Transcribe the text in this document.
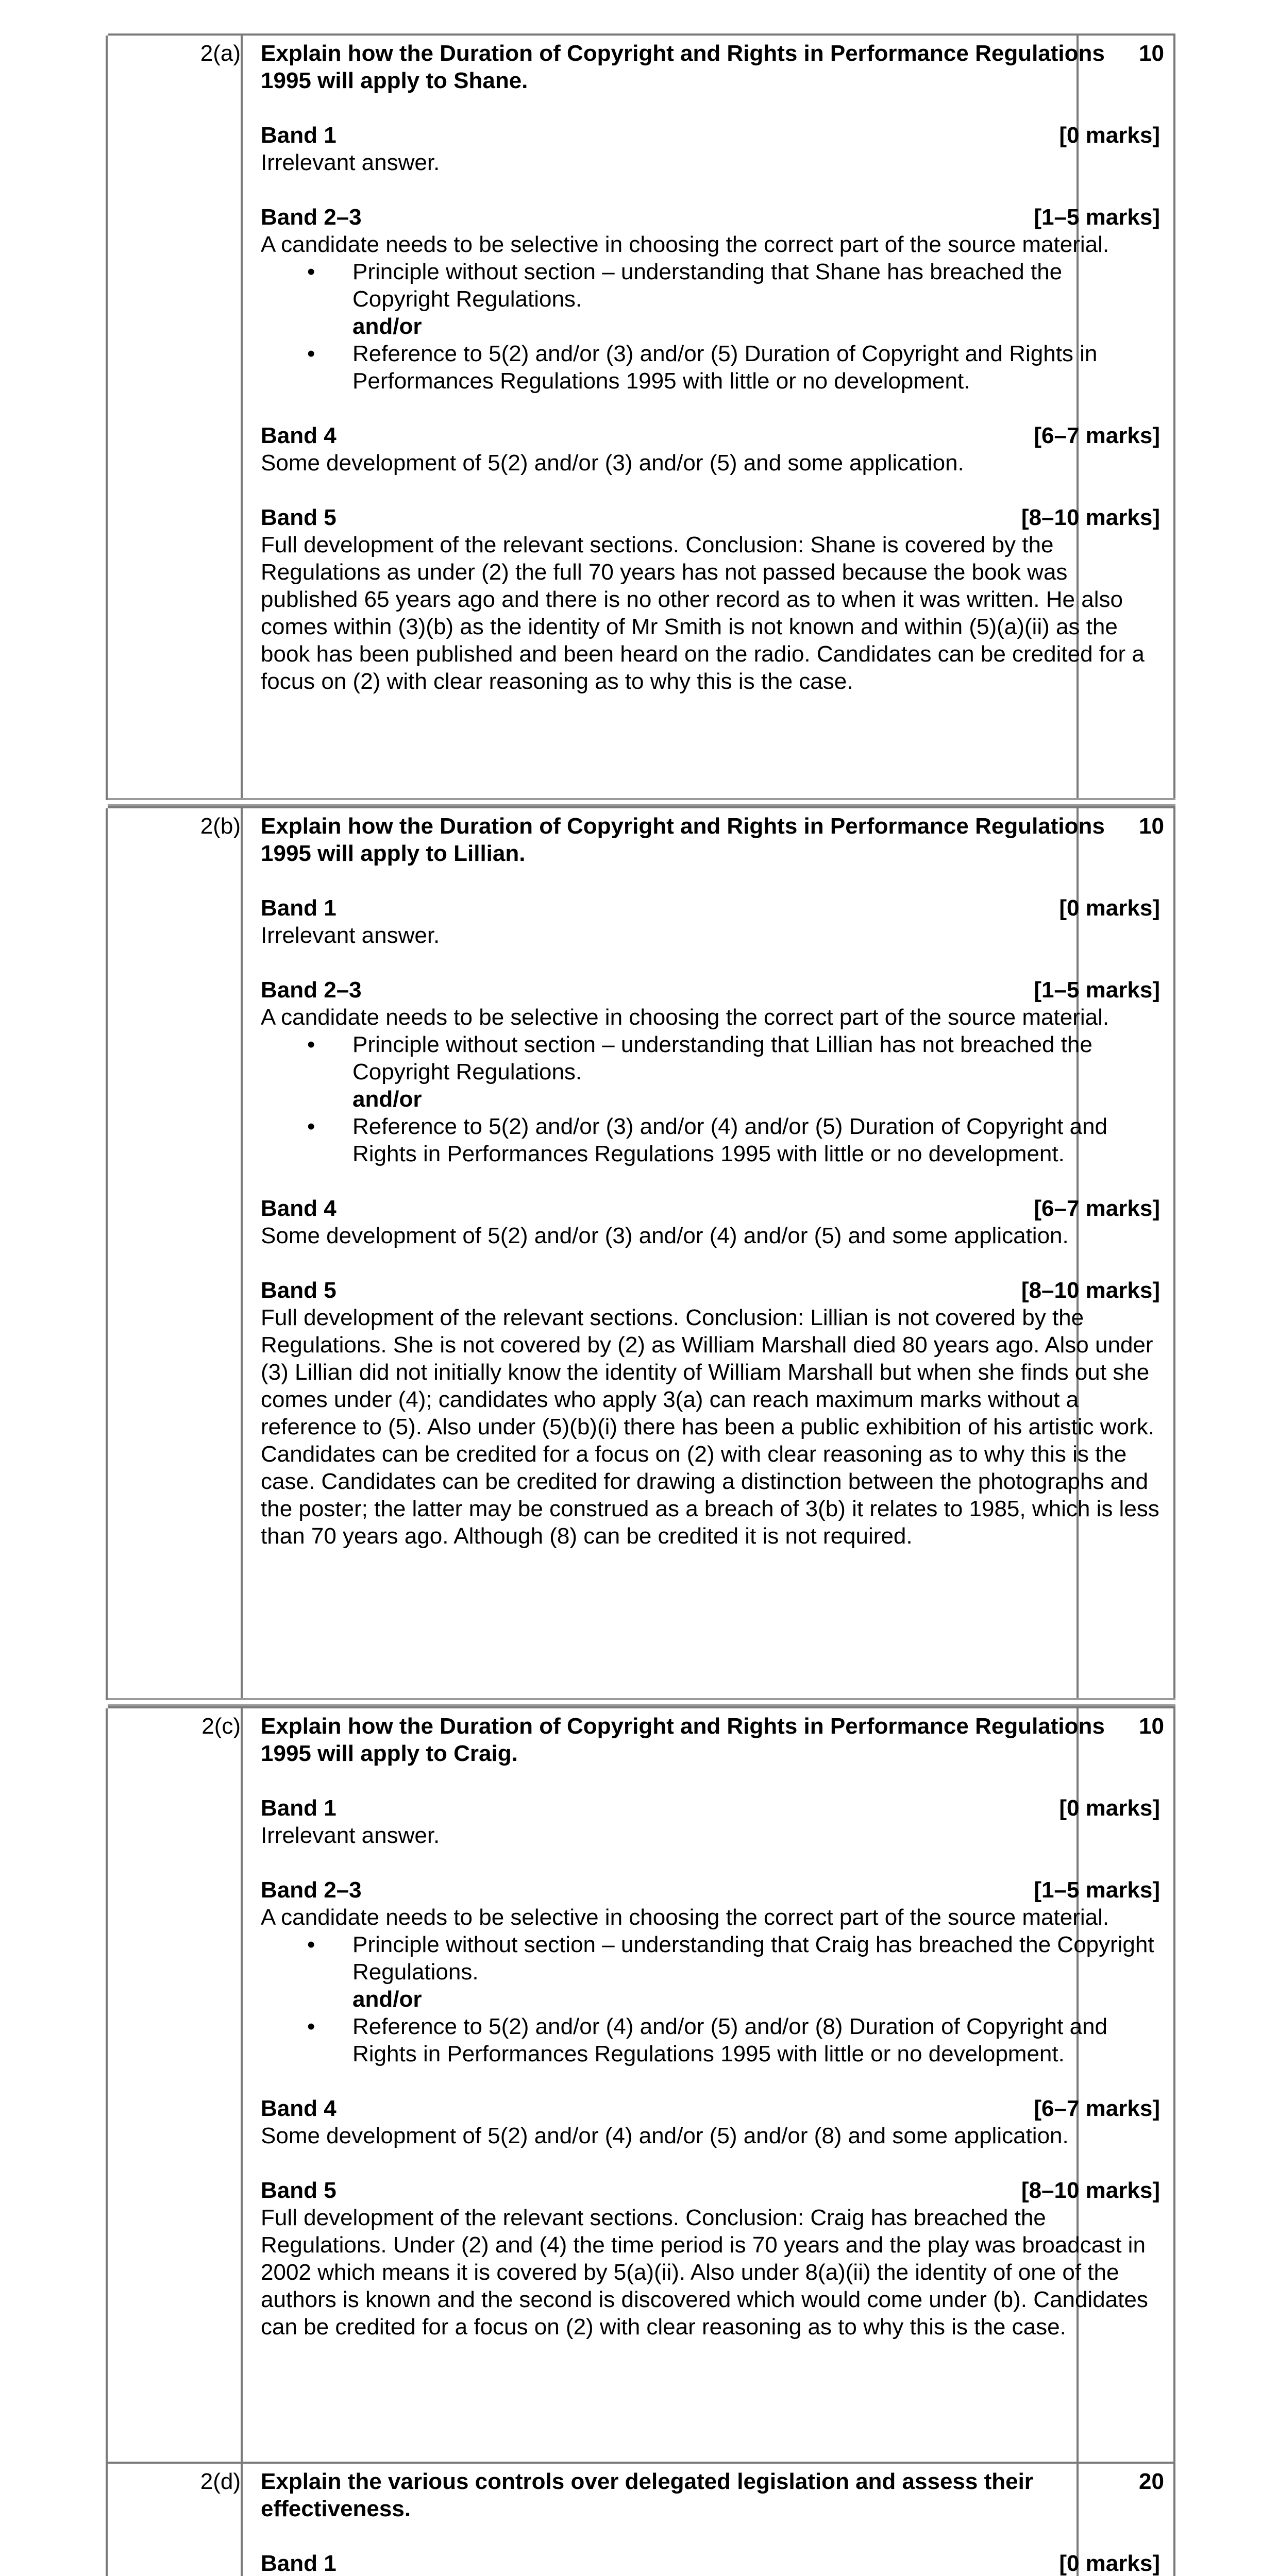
2(a)	10

Explain how the Duration of Copyright and Rights in Performance Regulations 1995 will apply to Shane.

Band 1	[0 marks]

Irrelevant answer.

Band 2–3	[1–5 marks]

A candidate needs to be selective in choosing the correct part of the source material.

• Principle without section – understanding that Shane has breached the Copyright Regulations.
and/or
• Reference to 5(2) and/or (3) and/or (5) Duration of Copyright and Rights in Performances Regulations 1995 with little or no development.
Band 4	[6–7 marks]

Some development of 5(2) and/or (3) and/or (5) and some application.

Band 5	[8–10 marks]

Full development of the relevant sections. Conclusion: Shane is covered by the Regulations as under (2) the full 70 years has not passed because the book was published 65 years ago and there is no other record as to when it was written. He also comes within (3)(b) as the identity of Mr Smith is not known and within (5)(a)(ii) as the book has been published and been heard on the radio. Candidates can be credited for a focus on (2) with clear reasoning as to why this is the case.

2(b)	10

Explain how the Duration of Copyright and Rights in Performance Regulations 1995 will apply to Lillian.

Band 1	[0 marks]

Irrelevant answer.

Band 2–3	[1–5 marks]

A candidate needs to be selective in choosing the correct part of the source material.

• Principle without section – understanding that Lillian has not breached the Copyright Regulations.
and/or
• Reference to 5(2) and/or (3) and/or (4) and/or (5) Duration of Copyright and Rights in Performances Regulations 1995 with little or no development.
Band 4	[6–7 marks]

Some development of 5(2) and/or (3) and/or (4) and/or (5) and some application.

Band 5	[8–10 marks]

Full development of the relevant sections. Conclusion: Lillian is not covered by the Regulations. She is not covered by (2) as William Marshall died 80 years ago. Also under (3) Lillian did not initially know the identity of William Marshall but when she finds out she comes under (4); candidates who apply 3(a) can reach maximum marks without a reference to (5). Also under (5)(b)(i) there has been a public exhibition of his artistic work. Candidates can be credited for a focus on (2) with clear reasoning as to why this is the case. Candidates can be credited for drawing a distinction between the photographs and the poster; the latter may be construed as a breach of 3(b) it relates to 1985, which is less than 70 years ago. Although (8) can be credited it is not required.

2(c)	10

Explain how the Duration of Copyright and Rights in Performance Regulations 1995 will apply to Craig.

Band 1	[0 marks]

Irrelevant answer.

Band 2–3	[1–5 marks]

A candidate needs to be selective in choosing the correct part of the source material.

• Principle without section – understanding that Craig has breached the Copyright Regulations.
and/or
• Reference to 5(2) and/or (4) and/or (5) and/or (8) Duration of Copyright and Rights in Performances Regulations 1995 with little or no development.
Band 4	[6–7 marks]

Some development of 5(2) and/or (4) and/or (5) and/or (8) and some application.

Band 5	[8–10 marks]

Full development of the relevant sections. Conclusion: Craig has breached the Regulations. Under (2) and (4) the time period is 70 years and the play was broadcast in 2002 which means it is covered by 5(a)(ii). Also under 8(a)(ii) the identity of one of the authors is known and the second is discovered which would come under (b). Candidates can be credited for a focus on (2) with clear reasoning as to why this is the case.

2(d)	20

Explain the various controls over delegated legislation and assess their effectiveness.

Band 1	[0 marks]
